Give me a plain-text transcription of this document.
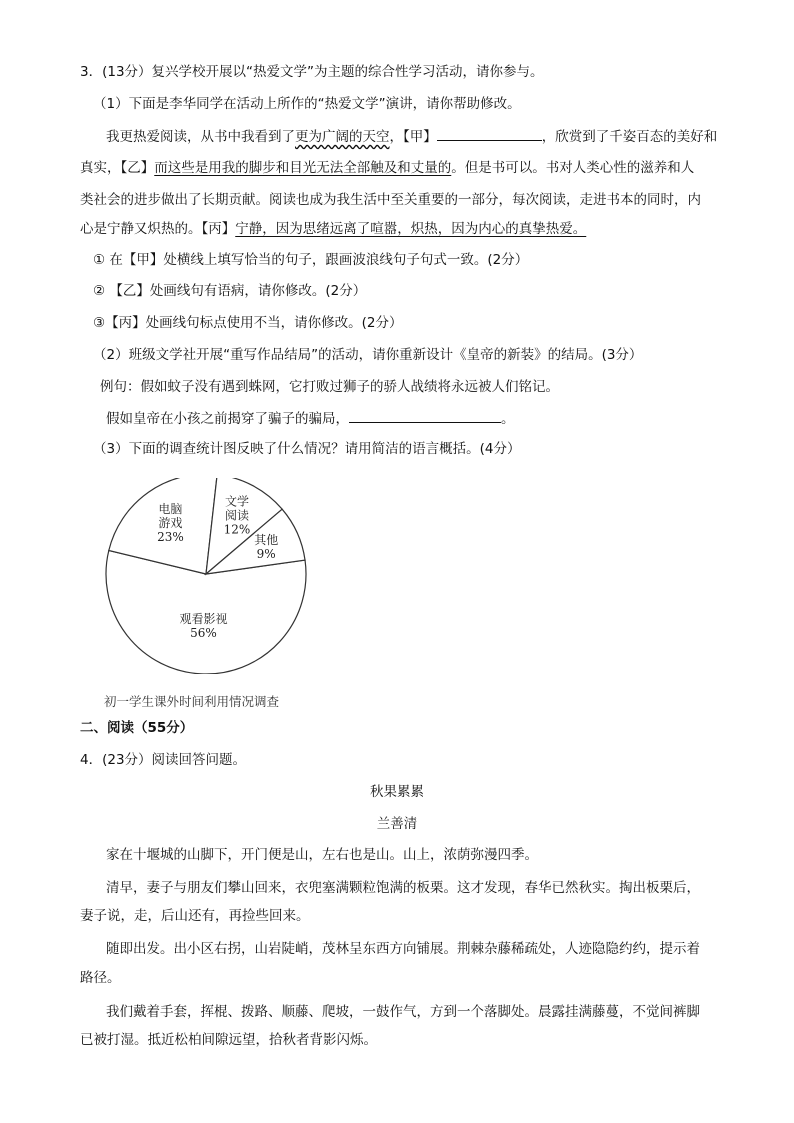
3．(13分）复兴学校开展以“热爱文学”为主题的综合性学习活动，请你参与。
（1）下面是李华同学在活动上所作的“热爱文学”演讲，请你帮助修改。
我更热爱阅读，从书中我看到了更为广阔的天空，【甲】	，欣赏到了千姿百态的美好和
真实，【乙】而这些是用我的脚步和目光无法全部触及和丈量的。但是书可以。书对人类心性的滋养和人
类社会的进步做出了长期贡献。阅读也成为我生活中至关重要的一部分，每次阅读，走进书本的同时，内
心是宁静又炽热的。【丙】宁静，因为思绪远离了喧嚣，炽热，因为内心的真挚热爱。
① 在【甲】处横线上填写恰当的句子，跟画波浪线句子句式一致。(2分）
② 【乙】处画线句有语病，请你修改。(2分）
③【丙】处画线句标点使用不当，请你修改。(2分）
（2）班级文学社开展“重写作品结局”的活动，请你重新设计《皇帝的新装》的结局。(3分）
例句：假如蚊子没有遇到蛛网，它打败过狮子的骄人战绩将永远被人们铭记。
假如皇帝在小孩之前揭穿了骗子的骗局，	。
（3）下面的调查统计图反映了什么情况？请用简洁的语言概括。(4分）
观看影视
56%
电脑
游戏
23%
文学
阅读
12%
其他
9%
初一学生课外时间利用情况调查
二、阅读（55分）
4．(23分）阅读回答问题。
秋果累累
兰善清
家在十堰城的山脚下，开门便是山，左右也是山。山上，浓荫弥漫四季。
清早，妻子与朋友们攀山回来，衣兜塞满颗粒饱满的板栗。这才发现，春华已然秋实。掏出板栗后，
妻子说，走，后山还有，再捡些回来。
随即出发。出小区右拐，山岩陡峭，茂林呈东西方向铺展。荆棘杂藤稀疏处，人迹隐隐约约，提示着
路径。
我们戴着手套，挥棍、拨路、顺藤、爬坡，一鼓作气，方到一个落脚处。晨露挂满藤蔓，不觉间裤脚
已被打湿。抵近松柏间隙远望，拾秋者背影闪烁。
